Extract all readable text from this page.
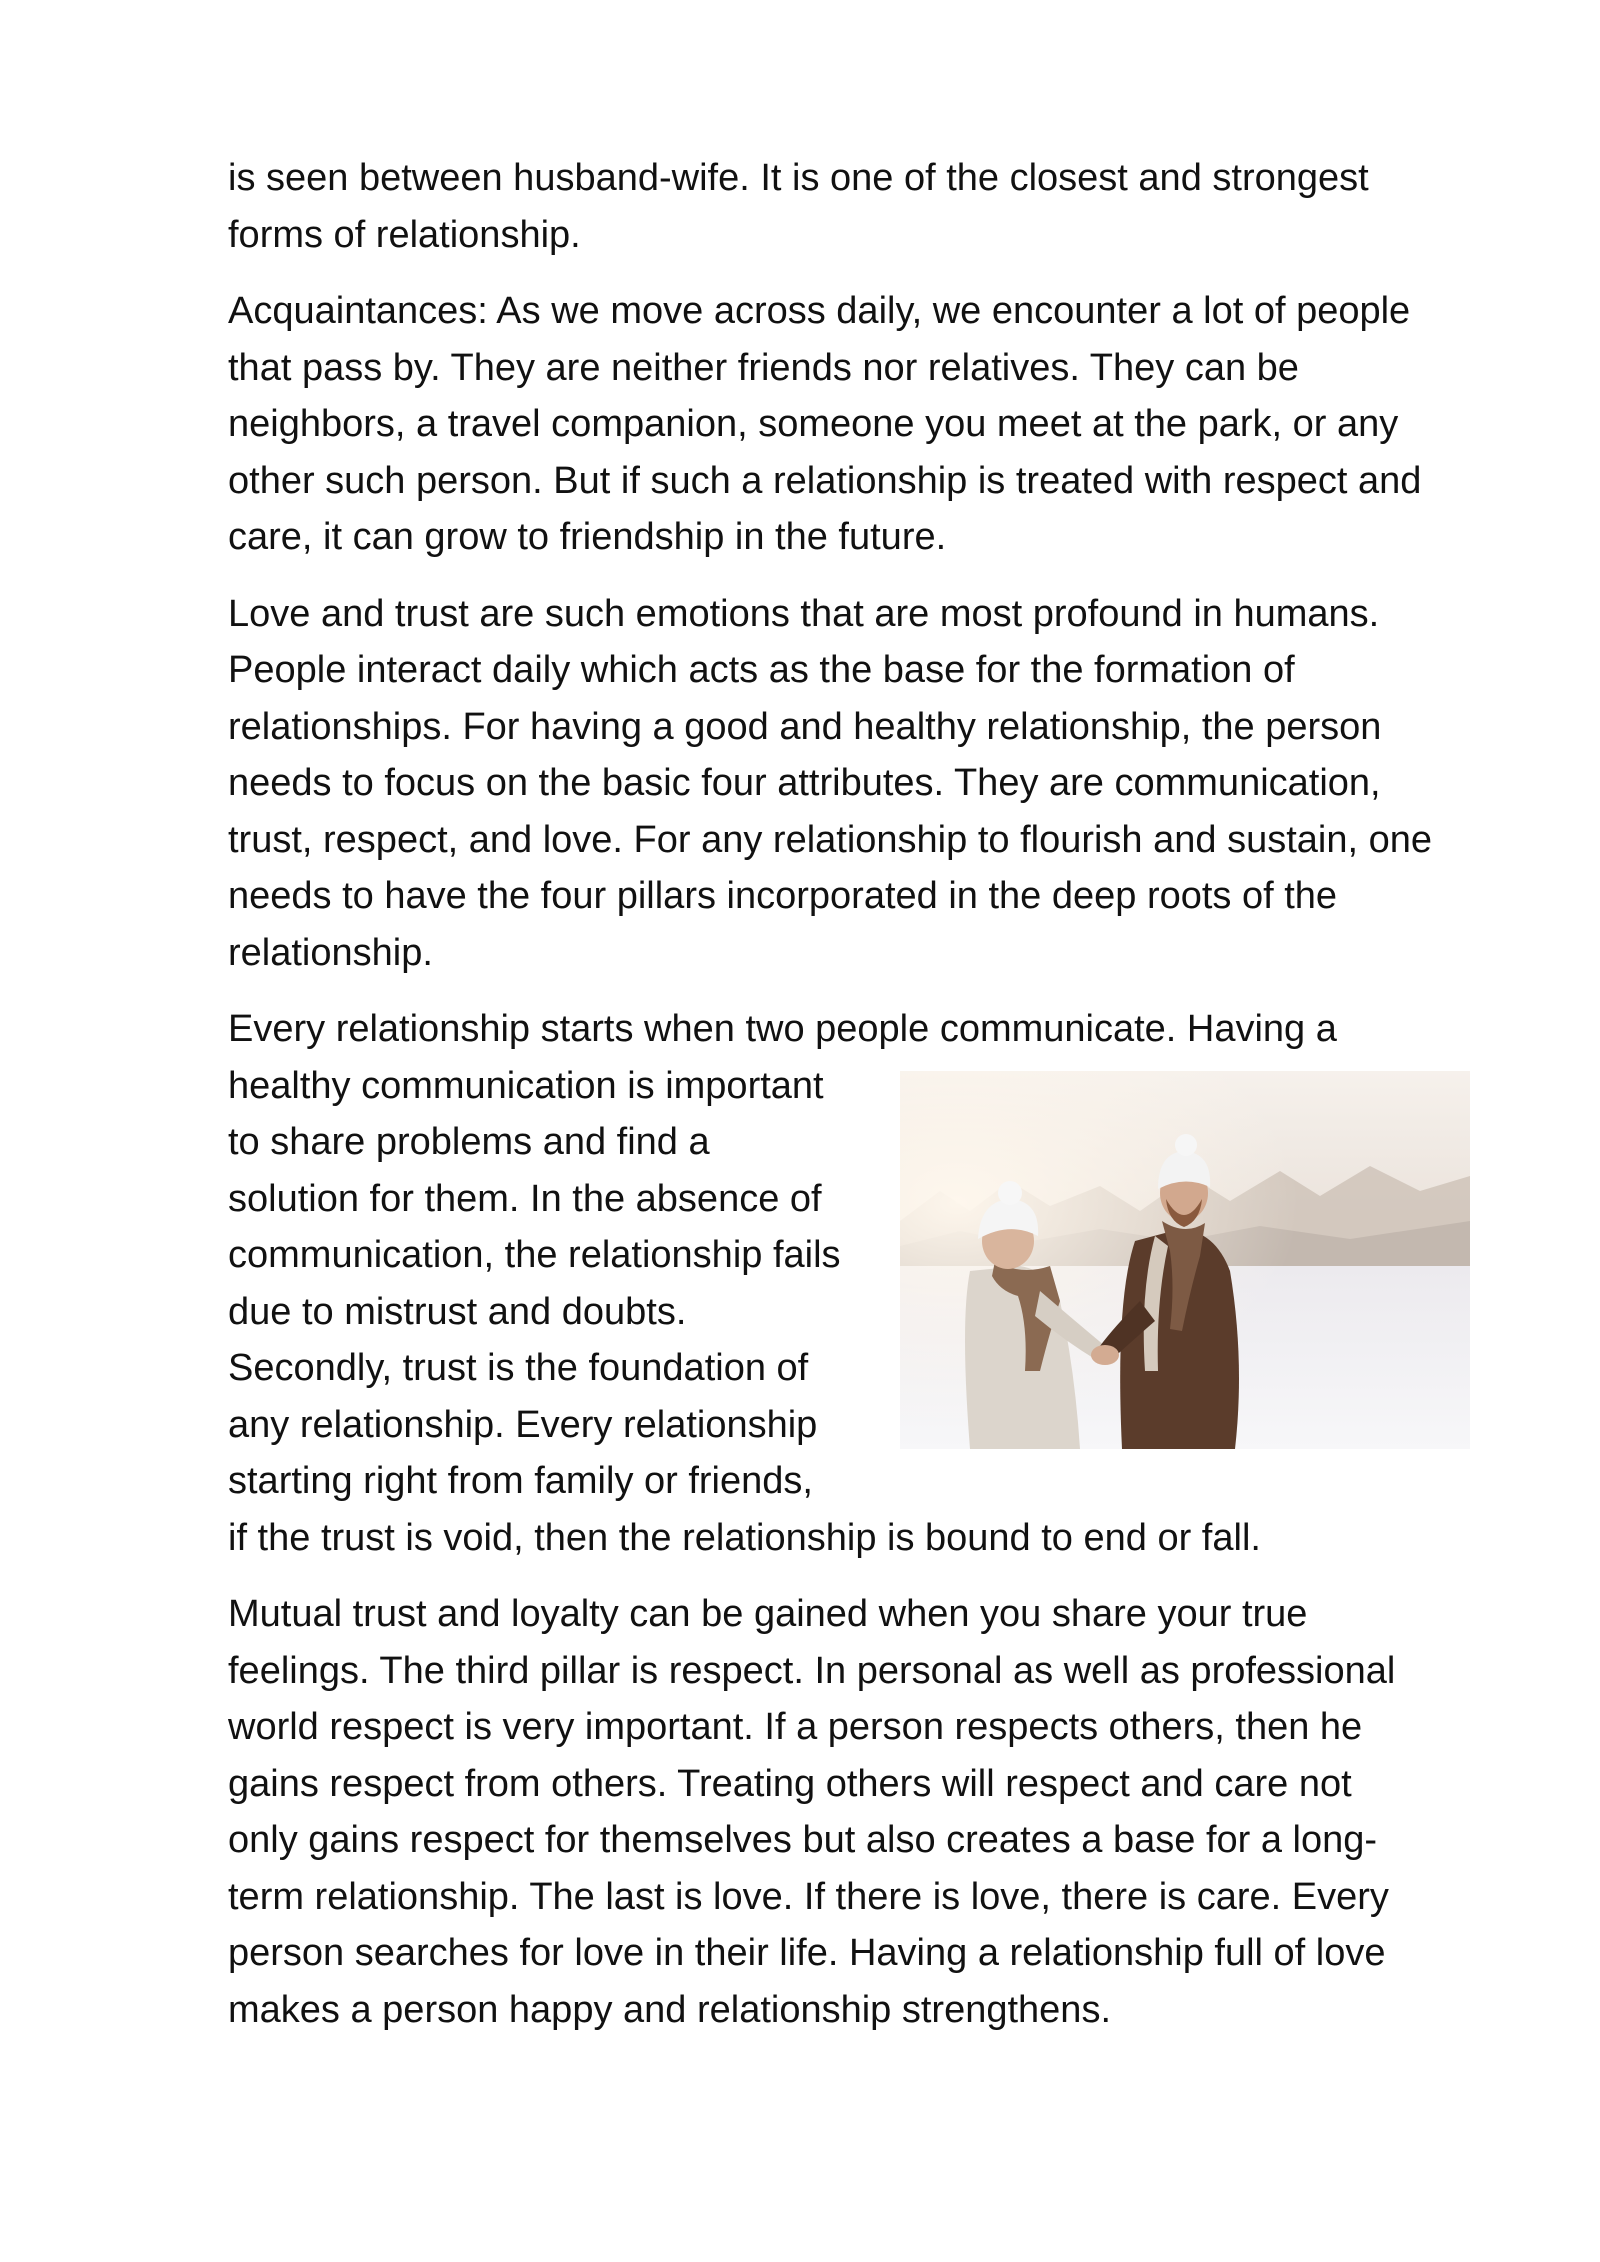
is seen between husband-wife. It is one of the closest and strongest
forms of relationship.

Acquaintances: As we move across daily, we encounter a lot of people
that pass by. They are neither friends nor relatives. They can be
neighbors, a travel companion, someone you meet at the park, or any
other such person. But if such a relationship is treated with respect and
care, it can grow to friendship in the future.

Love and trust are such emotions that are most profound in humans.
People interact daily which acts as the base for the formation of
relationships. For having a good and healthy relationship, the person
needs to focus on the basic four attributes. They are communication,
trust, respect, and love. For any relationship to flourish and sustain, one
needs to have the four pillars incorporated in the deep roots of the
relationship.

Every relationship starts when two people communicate. Having a
healthy communication is important
to share problems and find a
solution for them. In the absence of
communication, the relationship fails
due to mistrust and doubts.
Secondly, trust is the foundation of
any relationship. Every relationship
starting right from family or friends,
if the trust is void, then the relationship is bound to end or fall.

Mutual trust and loyalty can be gained when you share your true
feelings. The third pillar is respect. In personal as well as professional
world respect is very important. If a person respects others, then he
gains respect from others. Treating others will respect and care not
only gains respect for themselves but also creates a base for a long-
term relationship. The last is love. If there is love, there is care. Every
person searches for love in their life. Having a relationship full of love
makes a person happy and relationship strengthens.
